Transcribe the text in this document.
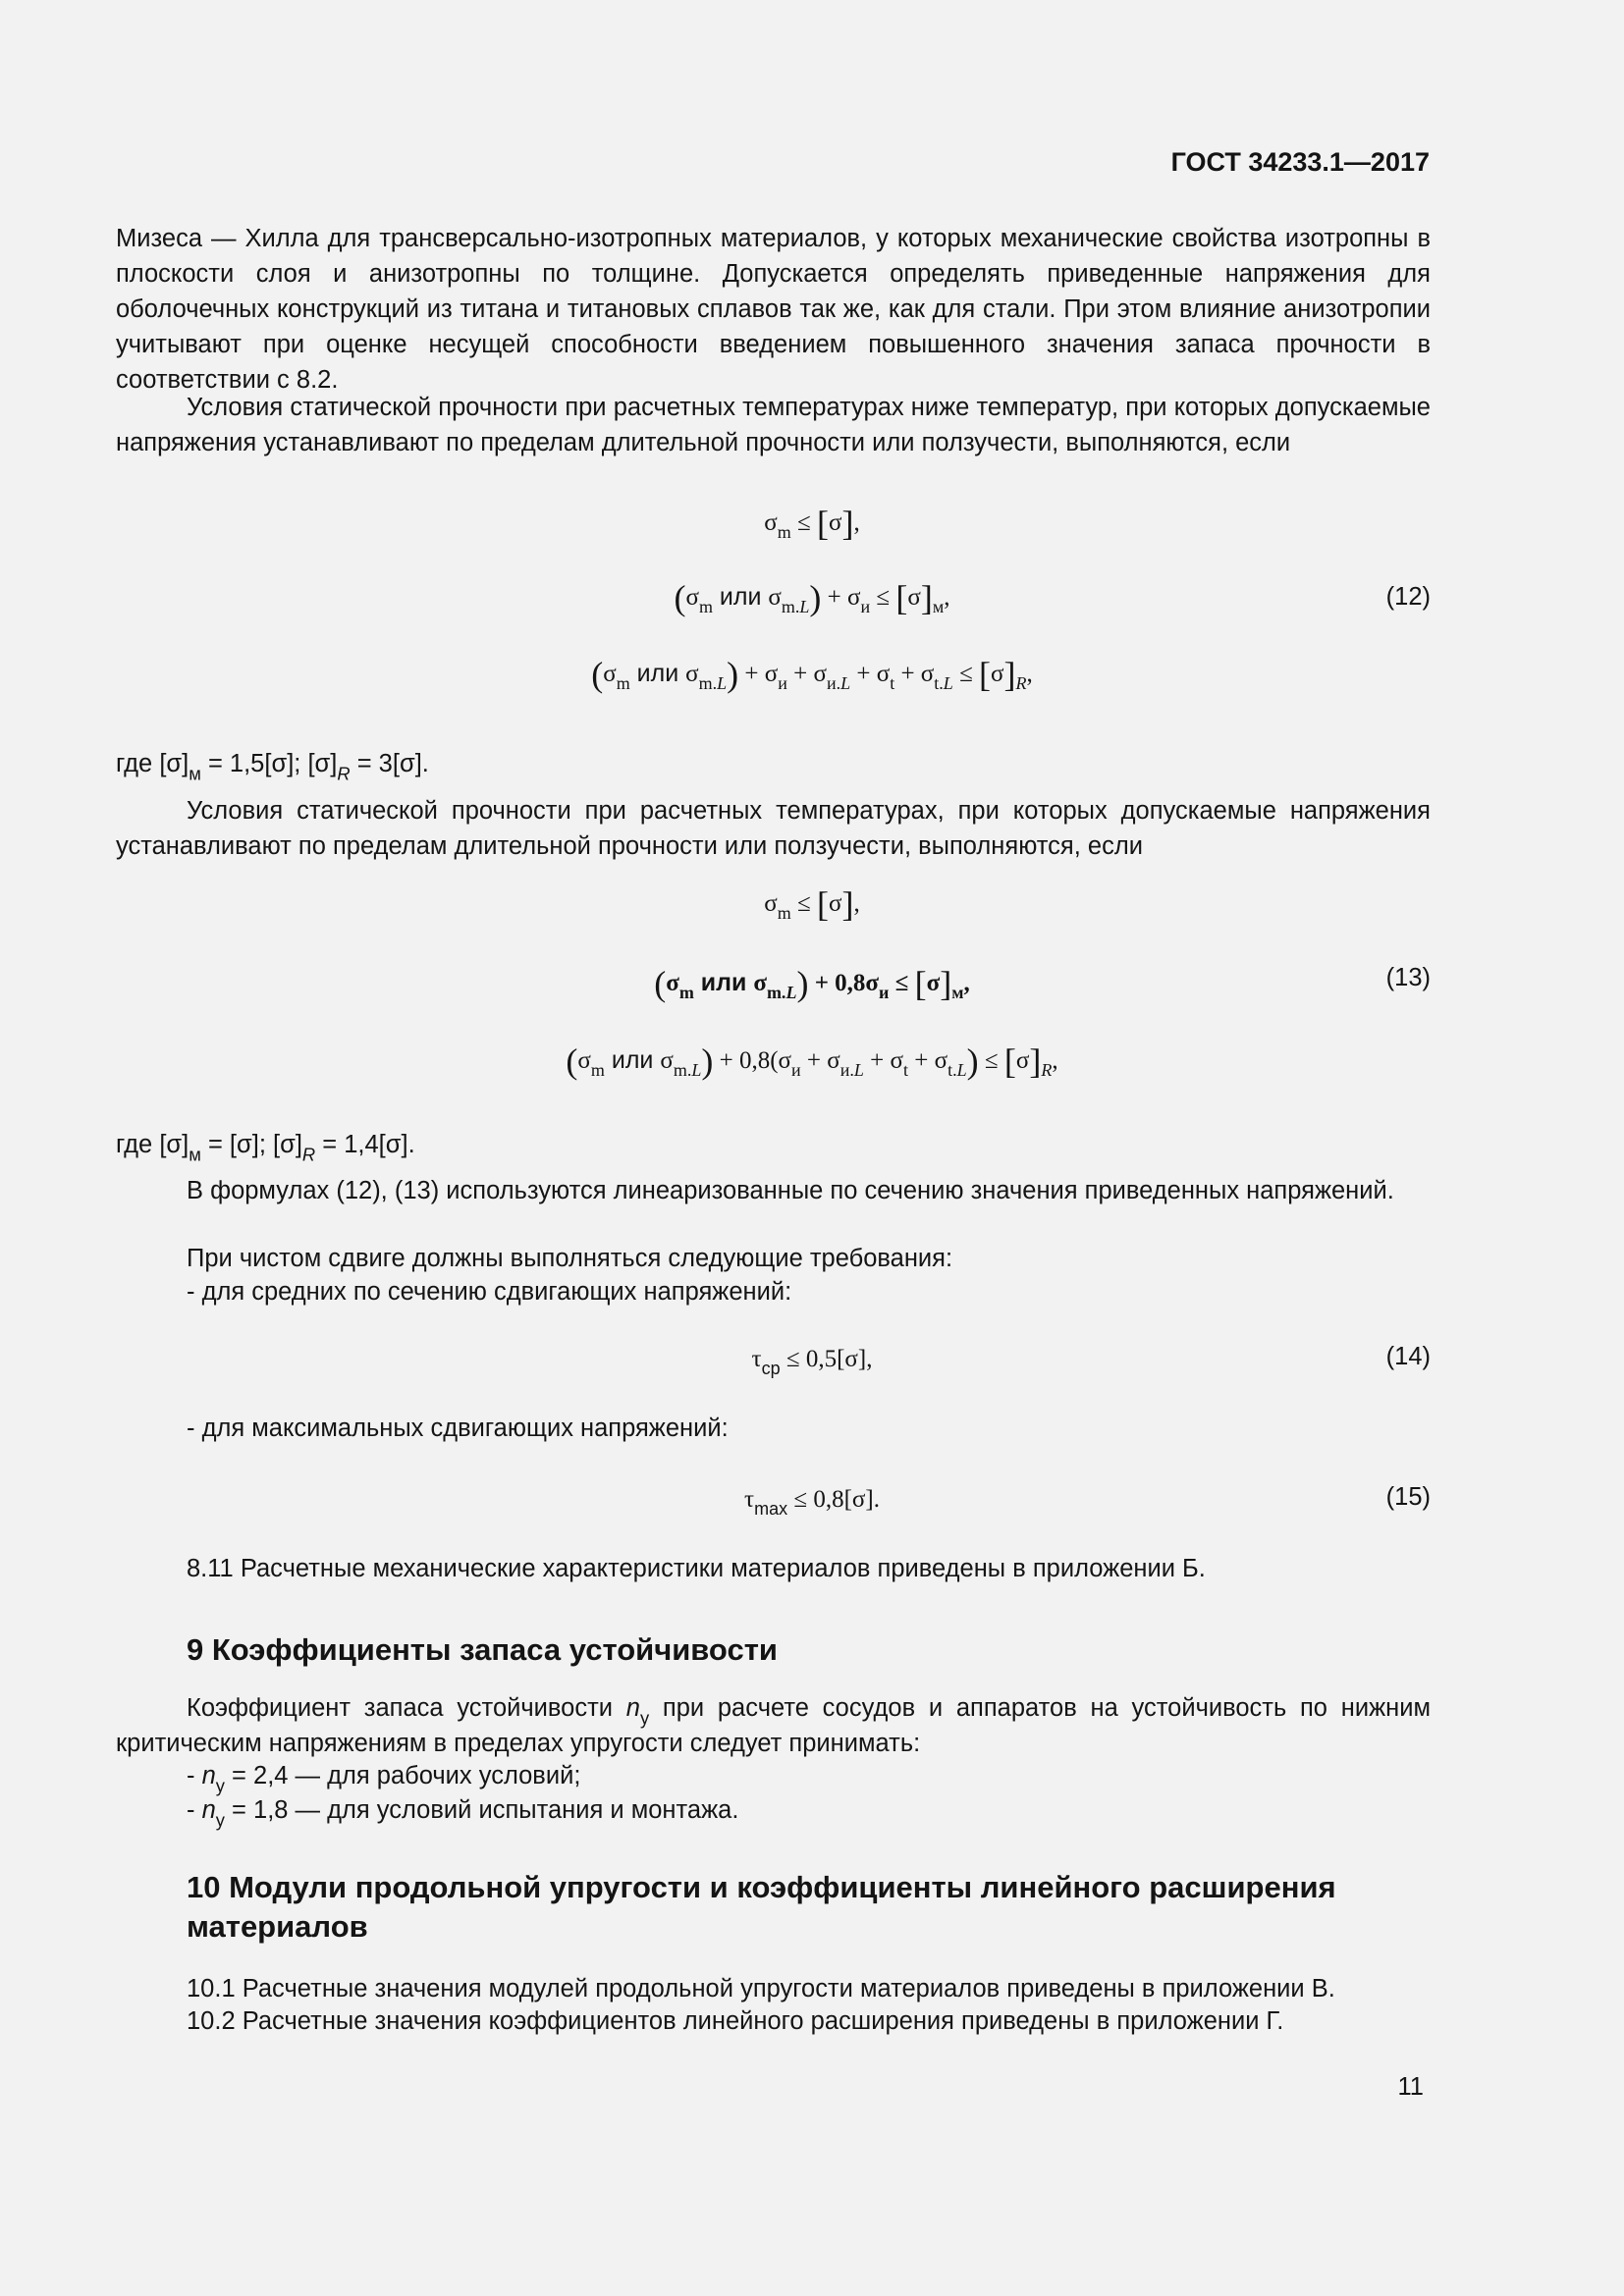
ГОСТ 34233.1—2017
Мизеса — Хилла для трансверсально-изотропных материалов, у которых механические свойства изотропны в плоскости слоя и анизотропны по толщине. Допускается определять приведенные напряжения для оболочечных конструкций из титана и титановых сплавов так же, как для стали. При этом влияние анизотропии учитывают при оценке несущей способности введением повышенного значения запаса прочности в соответствии с 8.2.
Условия статической прочности при расчетных температурах ниже температур, при которых допускаемые напряжения устанавливают по пределам длительной прочности или ползучести, выполняются, если
$\sigma_m \le [\sigma]$,
($\sigma_m$ или $\sigma_{m.L}) + \sigma_и \le [\sigma]_м$,	(12)
($\sigma_m$ или $\sigma_{m.L}) + \sigma_и + \sigma_{и.L} + \sigma_t + \sigma_{t.L} \le [\sigma]_R$,
где $[\sigma]_м = 1,5[\sigma]$; $[\sigma]_R = 3[\sigma]$.
Условия статической прочности при расчетных температурах, при которых допускаемые напряжения устанавливают по пределам длительной прочности или ползучести, выполняются, если
$\sigma_m \le [\sigma]$,
($\sigma_m$ или $\sigma_{m.L}) + 0,8\sigma_и \le [\sigma]_м$,	(13)
($\sigma_m$ или $\sigma_{m.L}) + 0,8(\sigma_и + \sigma_{и.L} + \sigma_t + \sigma_{t.L}) \le [\sigma]_R$,
где $[\sigma]_м = [\sigma]$; $[\sigma]_R = 1,4[\sigma]$.
В формулах (12), (13) используются линеаризованные по сечению значения приведенных напряжений.
При чистом сдвиге должны выполняться следующие требования:
- для средних по сечению сдвигающих напряжений:
$\tau_{ср} \le 0,5[\sigma]$,	(14)
- для максимальных сдвигающих напряжений:
$\tau_{max} \le 0,8[\sigma]$.	(15)
8.11 Расчетные механические характеристики материалов приведены в приложении Б.
9 Коэффициенты запаса устойчивости
Коэффициент запаса устойчивости $n_y$ при расчете сосудов и аппаратов на устойчивость по нижним критическим напряжениям в пределах упругости следует принимать:
- $n_y = 2,4$ — для рабочих условий;
- $n_y = 1,8$ — для условий испытания и монтажа.
10 Модули продольной упругости и коэффициенты линейного расширения материалов
10.1 Расчетные значения модулей продольной упругости материалов приведены в приложении В.
10.2 Расчетные значения коэффициентов линейного расширения приведены в приложении Г.
11
